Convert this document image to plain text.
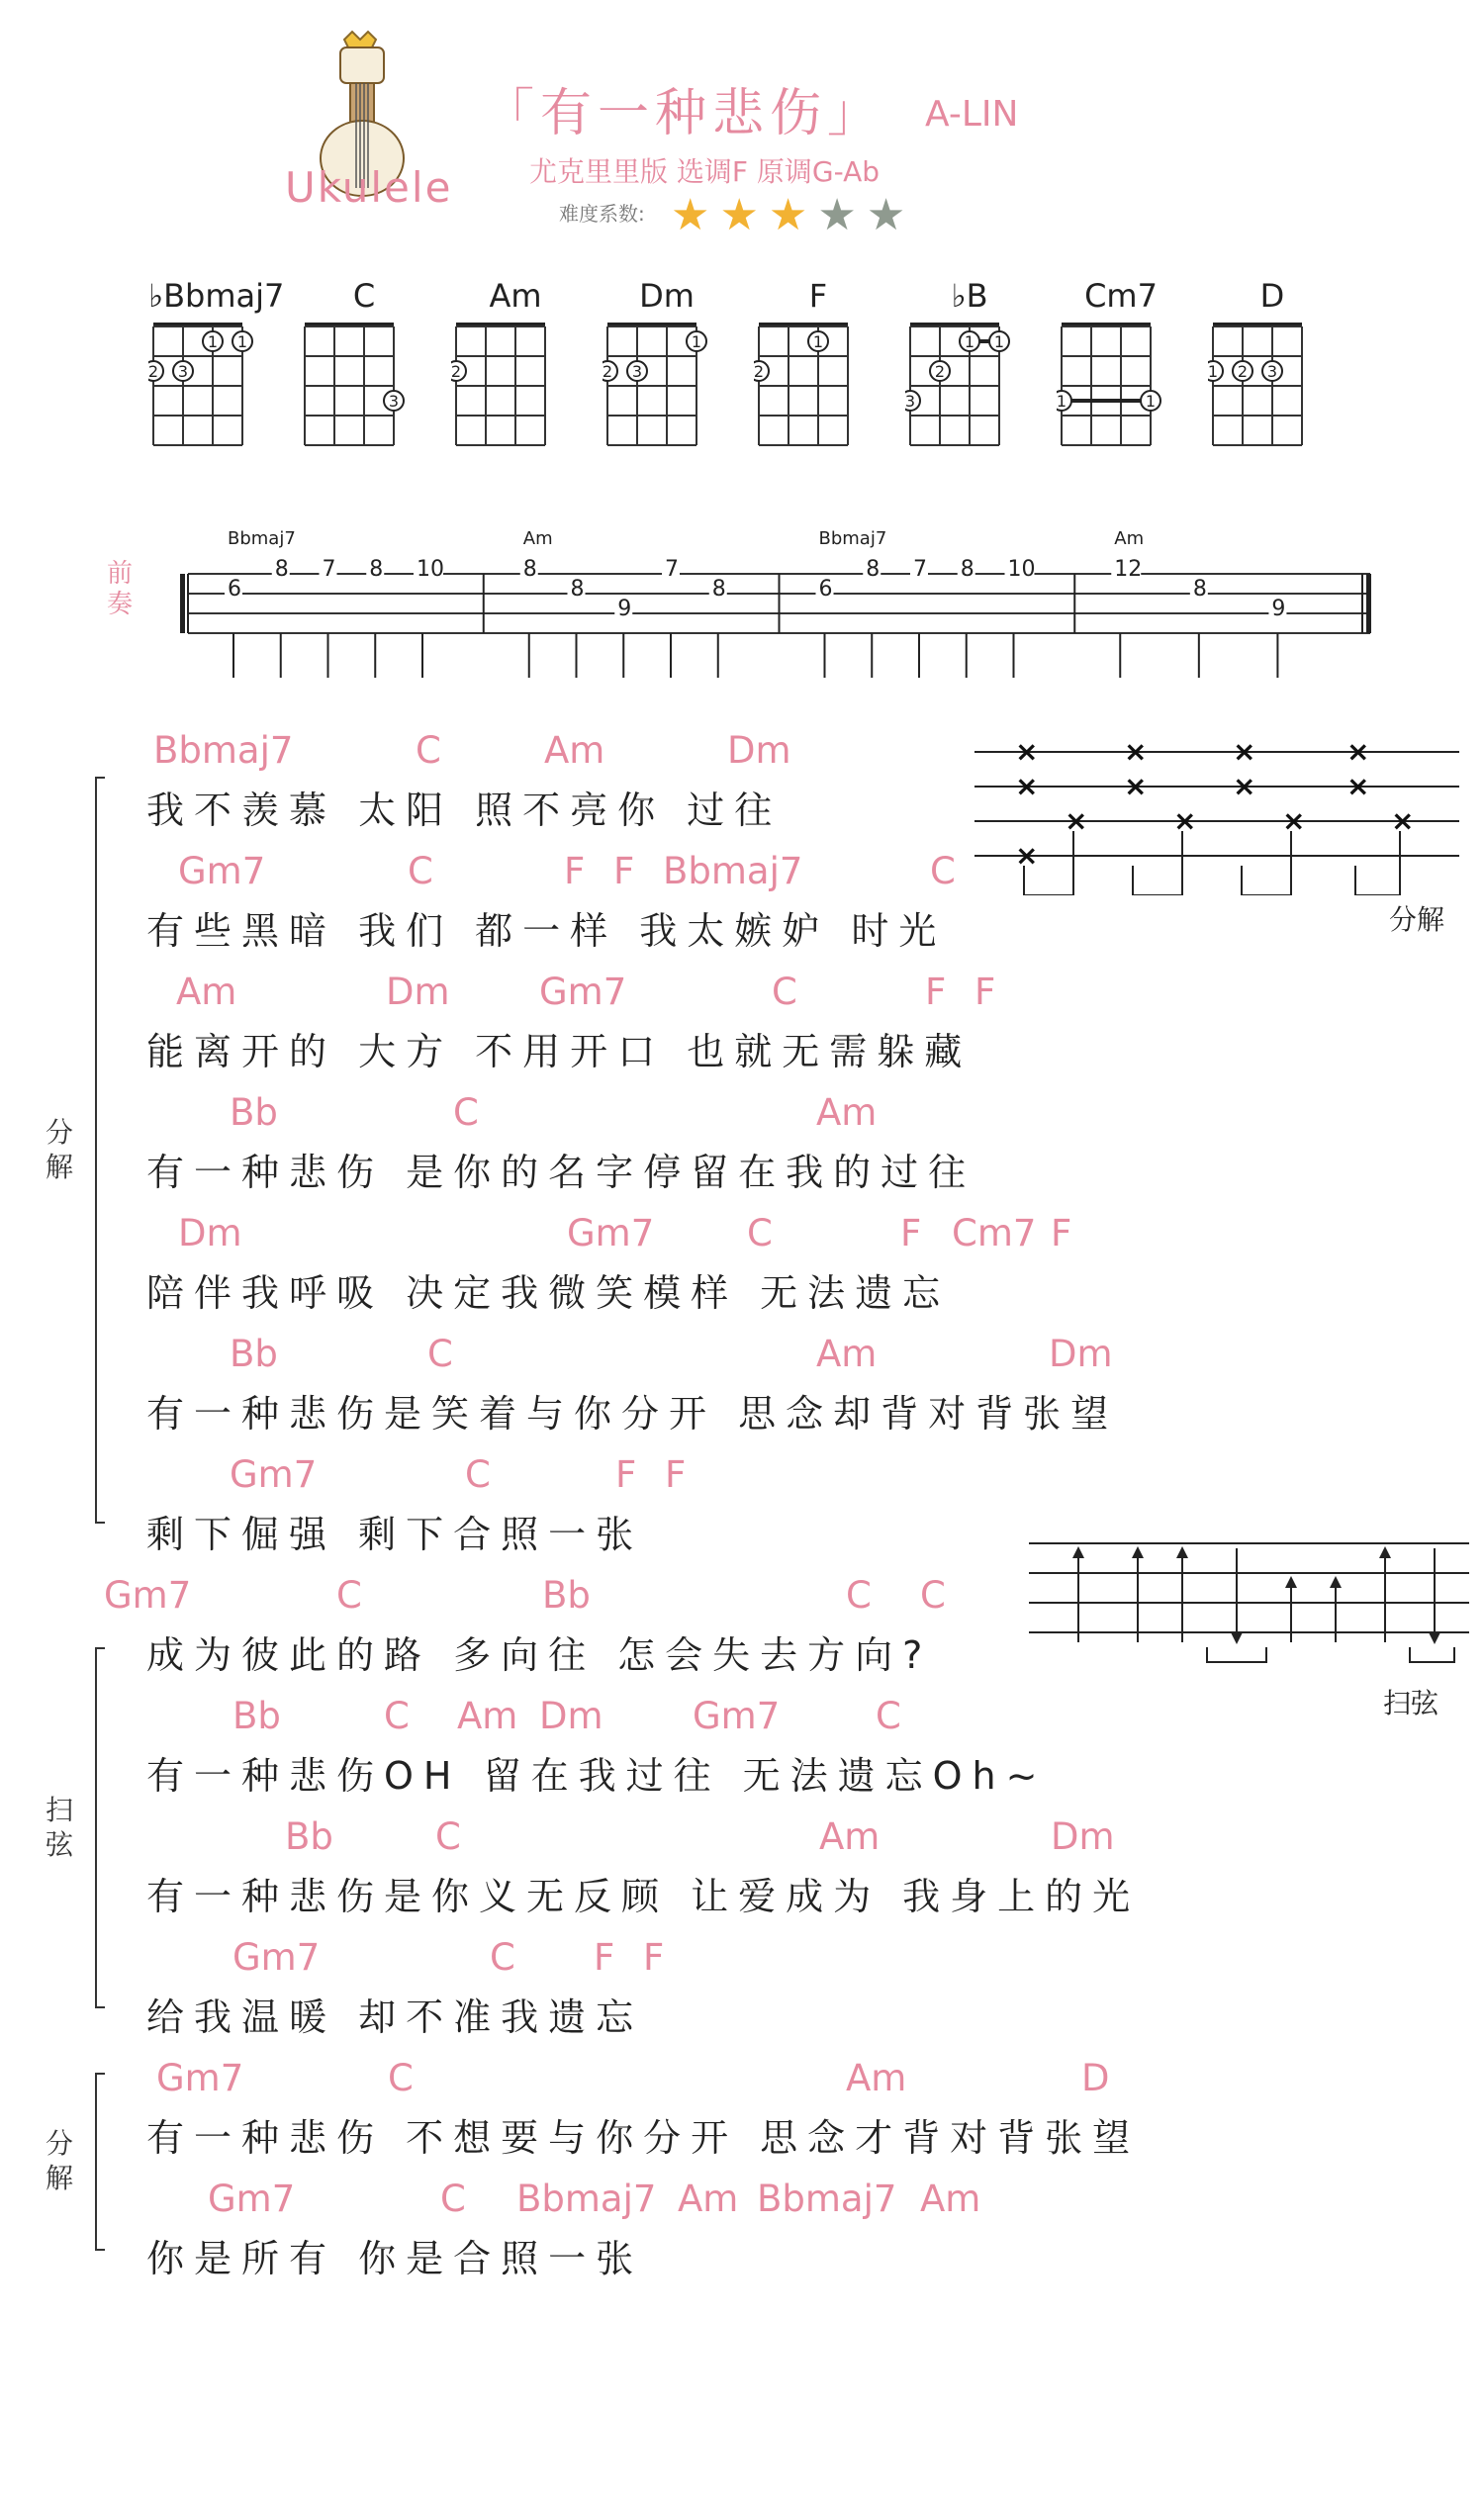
Ukulele
「有一种悲伤」 A-LIN
尤克里里版 选调F 原调G-Ab
难度系数: ★ ★ ★ ★ ★
♭Bbmaj7
1 1
2 3
C
3
Am
2
Dm
1
2 3
F
1
2
♭B
1 1
2
3
Cm7
1	1
D
1 2 3
前奏
Bbmaj7	Am	Bbmaj7	Am
6
8 7 8 10	8
8
9
7
8	6
8 7 8 10	12
8
9
×
×
×
×
×
×
×
×
×
×
×
×
×
分解
扫弦
分解
扫弦
分解
Bbmaj7	C	Am	Dm
我不羡慕 太阳 照不亮你 过往
Gm7	C	F F Bbmaj7	C
有些黑暗 我们 都一样 我太嫉妒 时光
Am	Dm Gm7	C	F F
能离开的 大方 不用开口 也就无需躲藏
Bb	C	Am
有一种悲伤 是你的名字停留在我的过往
Dm	Gm7	C	F Cm7 F
陪伴我呼吸 决定我微笑模样 无法遗忘
Bb	C	Am	Dm
有一种悲伤是笑着与你分开 思念却背对背张望
Gm7	C	F F
剩下倔强 剩下合照一张
Gm7	C	Bb	C C
成为彼此的路 多向往 怎会失去方向?
Bb	C Am Dm Gm7	C
有一种悲伤OH 留在我过往 无法遗忘Oh~
Bb	C	Am	Dm
有一种悲伤是你义无反顾 让爱成为 我身上的光
Gm7	C F F
给我温暖 却不准我遗忘
Gm7	C	Am	D
有一种悲伤 不想要与你分开 思念才背对背张望
Gm7	C Bbmaj7 Am Bbmaj7 Am
你是所有 你是合照一张
